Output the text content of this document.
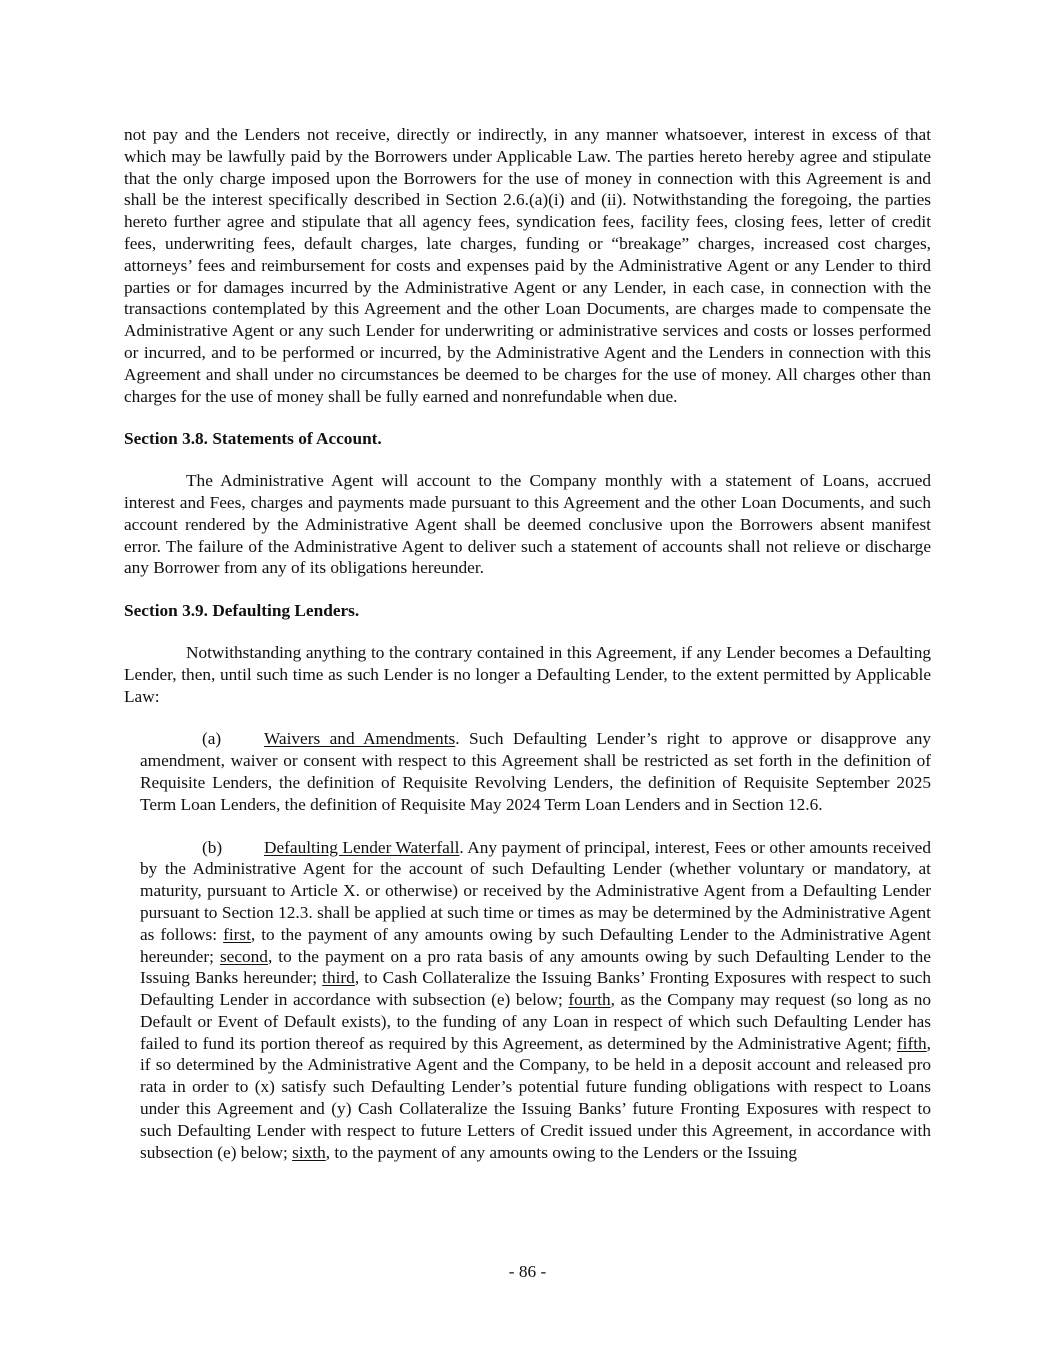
not pay and the Lenders not receive, directly or indirectly, in any manner whatsoever, interest in excess of that which may be lawfully paid by the Borrowers under Applicable Law. The parties hereto hereby agree and stipulate that the only charge imposed upon the Borrowers for the use of money in connection with this Agreement is and shall be the interest specifically described in Section 2.6.(a)(i) and (ii). Notwithstanding the foregoing, the parties hereto further agree and stipulate that all agency fees, syndication fees, facility fees, closing fees, letter of credit fees, underwriting fees, default charges, late charges, funding or “breakage” charges, increased cost charges, attorneys’ fees and reimbursement for costs and expenses paid by the Administrative Agent or any Lender to third parties or for damages incurred by the Administrative Agent or any Lender, in each case, in connection with the transactions contemplated by this Agreement and the other Loan Documents, are charges made to compensate the Administrative Agent or any such Lender for underwriting or administrative services and costs or losses performed or incurred, and to be performed or incurred, by the Administrative Agent and the Lenders in connection with this Agreement and shall under no circumstances be deemed to be charges for the use of money. All charges other than charges for the use of money shall be fully earned and nonrefundable when due.

Section 3.8. Statements of Account.

The Administrative Agent will account to the Company monthly with a statement of Loans, accrued interest and Fees, charges and payments made pursuant to this Agreement and the other Loan Documents, and such account rendered by the Administrative Agent shall be deemed conclusive upon the Borrowers absent manifest error. The failure of the Administrative Agent to deliver such a statement of accounts shall not relieve or discharge any Borrower from any of its obligations hereunder.

Section 3.9. Defaulting Lenders.

Notwithstanding anything to the contrary contained in this Agreement, if any Lender becomes a Defaulting Lender, then, until such time as such Lender is no longer a Defaulting Lender, to the extent permitted by Applicable Law:

(a) Waivers and Amendments. Such Defaulting Lender’s right to approve or disapprove any amendment, waiver or consent with respect to this Agreement shall be restricted as set forth in the definition of Requisite Lenders, the definition of Requisite Revolving Lenders, the definition of Requisite September 2025 Term Loan Lenders, the definition of Requisite May 2024 Term Loan Lenders and in Section 12.6.

(b) Defaulting Lender Waterfall. Any payment of principal, interest, Fees or other amounts received by the Administrative Agent for the account of such Defaulting Lender (whether voluntary or mandatory, at maturity, pursuant to Article X. or otherwise) or received by the Administrative Agent from a Defaulting Lender pursuant to Section 12.3. shall be applied at such time or times as may be determined by the Administrative Agent as follows: first, to the payment of any amounts owing by such Defaulting Lender to the Administrative Agent hereunder; second, to the payment on a pro rata basis of any amounts owing by such Defaulting Lender to the Issuing Banks hereunder; third, to Cash Collateralize the Issuing Banks’ Fronting Exposures with respect to such Defaulting Lender in accordance with subsection (e) below; fourth, as the Company may request (so long as no Default or Event of Default exists), to the funding of any Loan in respect of which such Defaulting Lender has failed to fund its portion thereof as required by this Agreement, as determined by the Administrative Agent; fifth, if so determined by the Administrative Agent and the Company, to be held in a deposit account and released pro rata in order to (x) satisfy such Defaulting Lender’s potential future funding obligations with respect to Loans under this Agreement and (y) Cash Collateralize the Issuing Banks’ future Fronting Exposures with respect to such Defaulting Lender with respect to future Letters of Credit issued under this Agreement, in accordance with subsection (e) below; sixth, to the payment of any amounts owing to the Lenders or the Issuing

- 86 -
